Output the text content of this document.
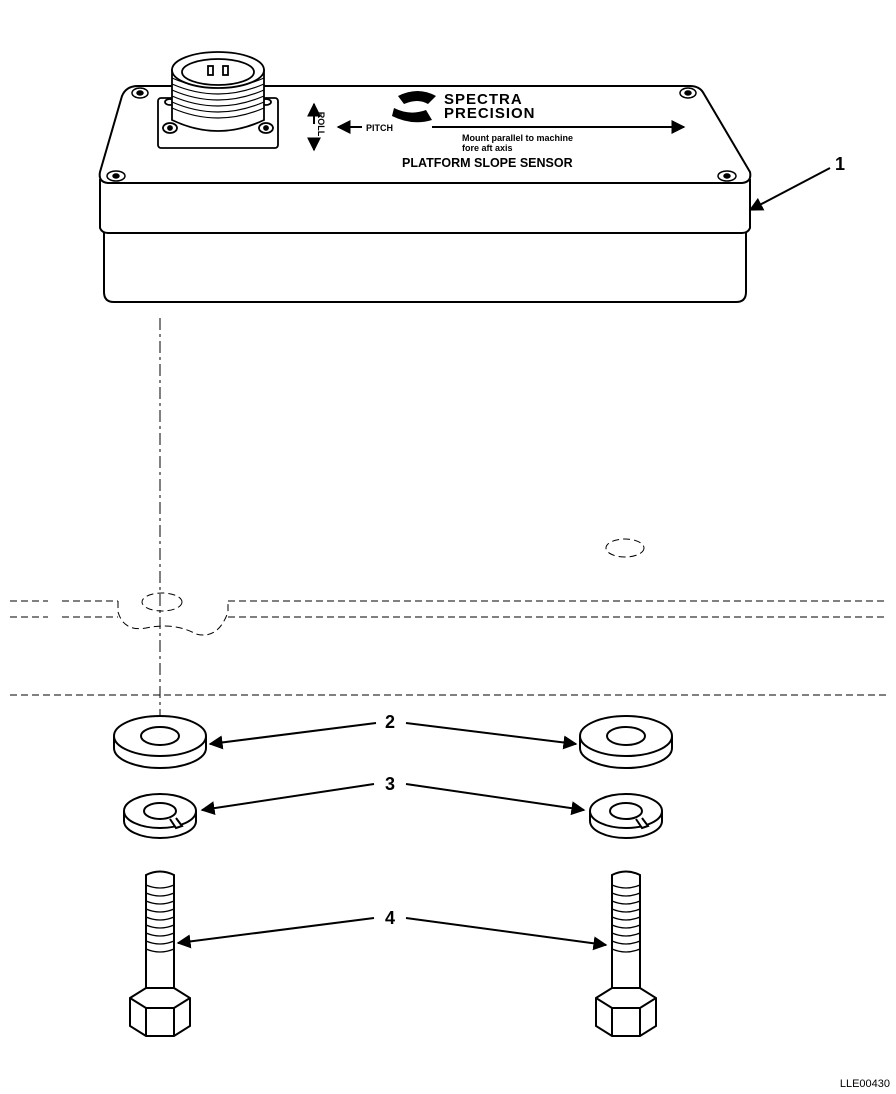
ROLL	PITCH
Mount parallel to machine
fore aft axis
SPECTRA
PRECISION
PLATFORM SLOPE SENSOR	1
2
3
4
LLE00430
